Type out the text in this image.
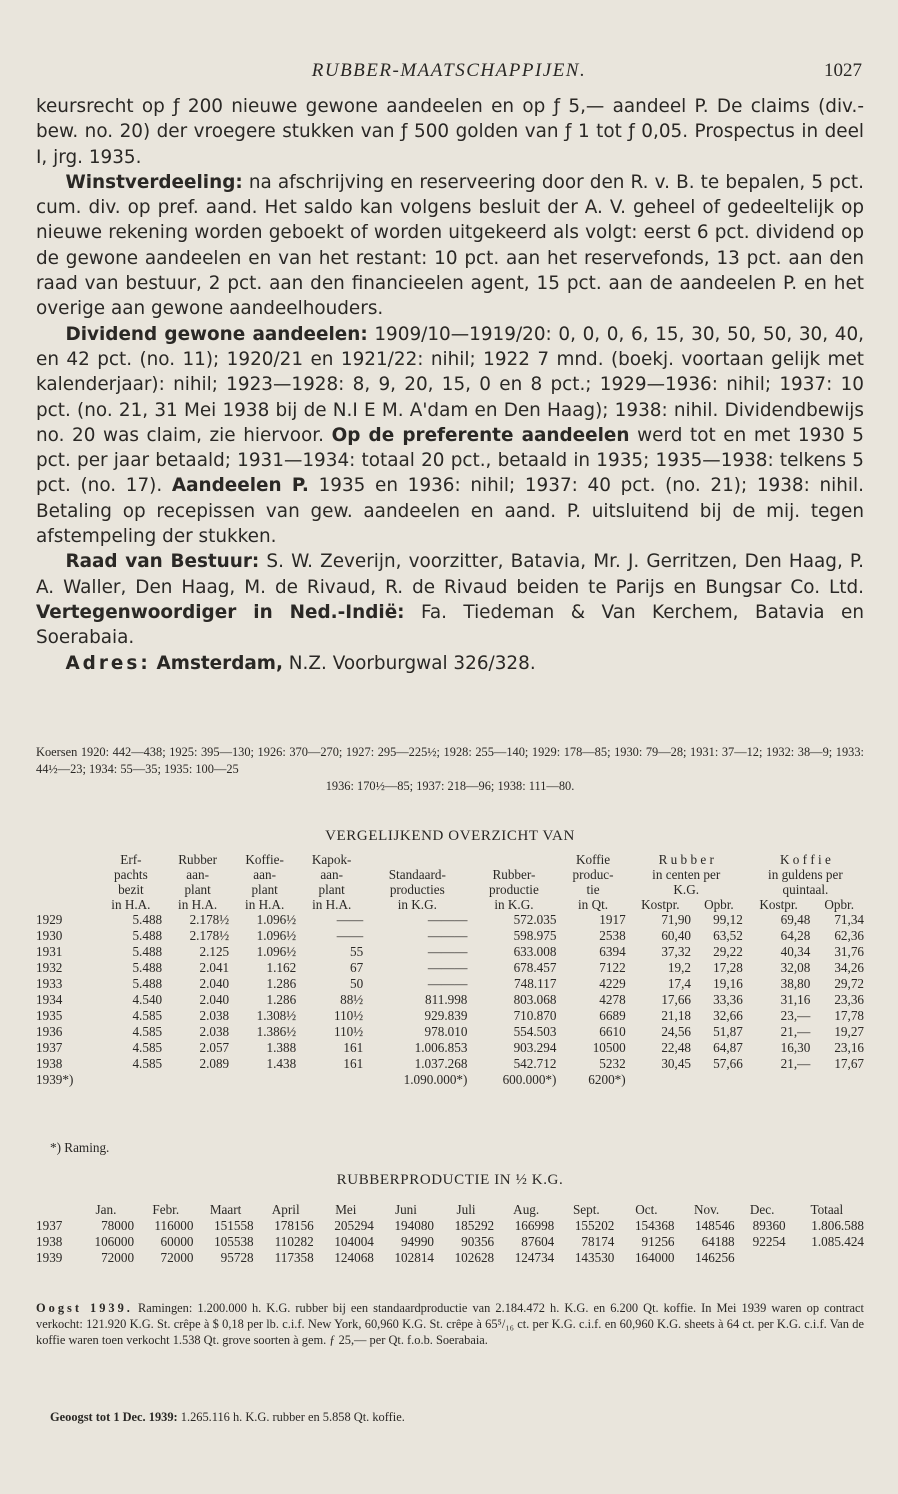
RUBBER-MAATSCHAPPIJEN.	1027

keursrecht op ƒ 200 nieuwe gewone aandeelen en op ƒ 5,— aandeel P. De claims (div.-bew. no. 20) der vroegere stukken van ƒ 500 golden van ƒ 1 tot ƒ 0,05. Prospectus in deel I, jrg. 1935.

Winstverdeeling: na afschrijving en reserveering door den R. v. B. te bepalen, 5 pct. cum. div. op pref. aand. Het saldo kan volgens besluit der A. V. geheel of gedeeltelijk op nieuwe rekening worden geboekt of worden uitgekeerd als volgt: eerst 6 pct. dividend op de gewone aandeelen en van het restant: 10 pct. aan het reservefonds, 13 pct. aan den raad van bestuur, 2 pct. aan den financieelen agent, 15 pct. aan de aandeelen P. en het overige aan gewone aandeelhouders.

Dividend gewone aandeelen: 1909/10—1919/20: 0, 0, 0, 6, 15, 30, 50, 50, 30, 40, en 42 pct. (no. 11); 1920/21 en 1921/22: nihil; 1922 7 mnd. (boekj. voortaan gelijk met kalenderjaar): nihil; 1923—1928: 8, 9, 20, 15, 0 en 8 pct.; 1929—1936: nihil; 1937: 10 pct. (no. 21, 31 Mei 1938 bij de N.I E M. A'dam en Den Haag); 1938: nihil. Dividendbewijs no. 20 was claim, zie hiervoor. Op de preferente aandeelen werd tot en met 1930 5 pct. per jaar betaald; 1931—1934: totaal 20 pct., betaald in 1935; 1935—1938: telkens 5 pct. (no. 17). Aandeelen P. 1935 en 1936: nihil; 1937: 40 pct. (no. 21); 1938: nihil. Betaling op recepissen van gew. aandeelen en aand. P. uitsluitend bij de mij. tegen afstempeling der stukken.

Raad van Bestuur: S. W. Zeverijn, voorzitter, Batavia, Mr. J. Gerritzen, Den Haag, P. A. Waller, Den Haag, M. de Rivaud, R. de Rivaud beiden te Parijs en Bungsar Co. Ltd. Vertegenwoordiger in Ned.-Indië: Fa. Tiedeman & Van Kerchem, Batavia en Soerabaia.

Adres: Amsterdam, N.Z. Voorburgwal 326/328.

Koersen 1920: 442—438; 1925: 395—130; 1926: 370—270; 1927: 295—225½; 1928: 255—140; 1929: 178—85; 1930: 79—28; 1931: 37—12; 1932: 38—9; 1933: 44½—23; 1934: 55—35; 1935: 100—25
1936: 170½—85; 1937: 218—96; 1938: 111—80.
VERGELIJKEND OVERZICHT VAN
	Erf-	Rubber	Koffie-	Kapok-			Koffie	R u b b e r		K o f f i e	
	pachts	aan-	aan-	aan-	Standaard-	Rubber-	produc-	in centen per		in guldens per	
	bezit	plant	plant	plant	producties	productie	tie	K.G.		quintaal.	
	in H.A.	in H.A.	in H.A.	in H.A.	in K.G.	in K.G.	in Qt.	Kostpr.	Opbr.	Kostpr.	Opbr.
1929	5.488	2.178½	1.096½	——	———	572.035	1917	71,90	99,12	69,48	71,34
1930	5.488	2.178½	1.096½	——	———	598.975	2538	60,40	63,52	64,28	62,36
1931	5.488	2.125	1.096½	55	———	633.008	6394	37,32	29,22	40,34	31,76
1932	5.488	2.041	1.162	67	———	678.457	7122	19,2	17,28	32,08	34,26
1933	5.488	2.040	1.286	50	———	748.117	4229	17,4	19,16	38,80	29,72
1934	4.540	2.040	1.286	88½	811.998	803.068	4278	17,66	33,36	31,16	23,36
1935	4.585	2.038	1.308½	110½	929.839	710.870	6689	21,18	32,66	23,—	17,78
1936	4.585	2.038	1.386½	110½	978.010	554.503	6610	24,56	51,87	21,—	19,27
1937	4.585	2.057	1.388	161	1.006.853	903.294	10500	22,48	64,87	16,30	23,16
1938	4.585	2.089	1.438	161	1.037.268	542.712	5232	30,45	57,66	21,—	17,67
1939*)					1.090.000*)	600.000*)	6200*)				
*) Raming.
RUBBERPRODUCTIE IN ½ K.G.
	Jan.	Febr.	Maart	April	Mei	Juni	Juli	Aug.	Sept.	Oct.	Nov.	Dec.	Totaal
1937	78000	116000	151558	178156	205294	194080	185292	166998	155202	154368	148546	89360	1.806.588
1938	106000	60000	105538	110282	104004	94990	90356	87604	78174	91256	64188	92254	1.085.424
1939	72000	72000	95728	117358	124068	102814	102628	124734	143530	164000	146256		
Oogst 1939. Ramingen: 1.200.000 h. K.G. rubber bij een standaardproductie van 2.184.472 h. K.G. en 6.200 Qt. koffie. In Mei 1939 waren op contract verkocht: 121.920 K.G. St. crêpe à $ 0,18 per lb. c.i.f. New York, 60,960 K.G. St. crêpe à 65⁵/₁₆ ct. per K.G. c.i.f. en 60,960 K.G. sheets à 64 ct. per K.G. c.i.f. Van de koffie waren toen verkocht 1.538 Qt. grove soorten à gem. ƒ 25,— per Qt. f.o.b. Soerabaia.
Geoogst tot 1 Dec. 1939: 1.265.116 h. K.G. rubber en 5.858 Qt. koffie.
